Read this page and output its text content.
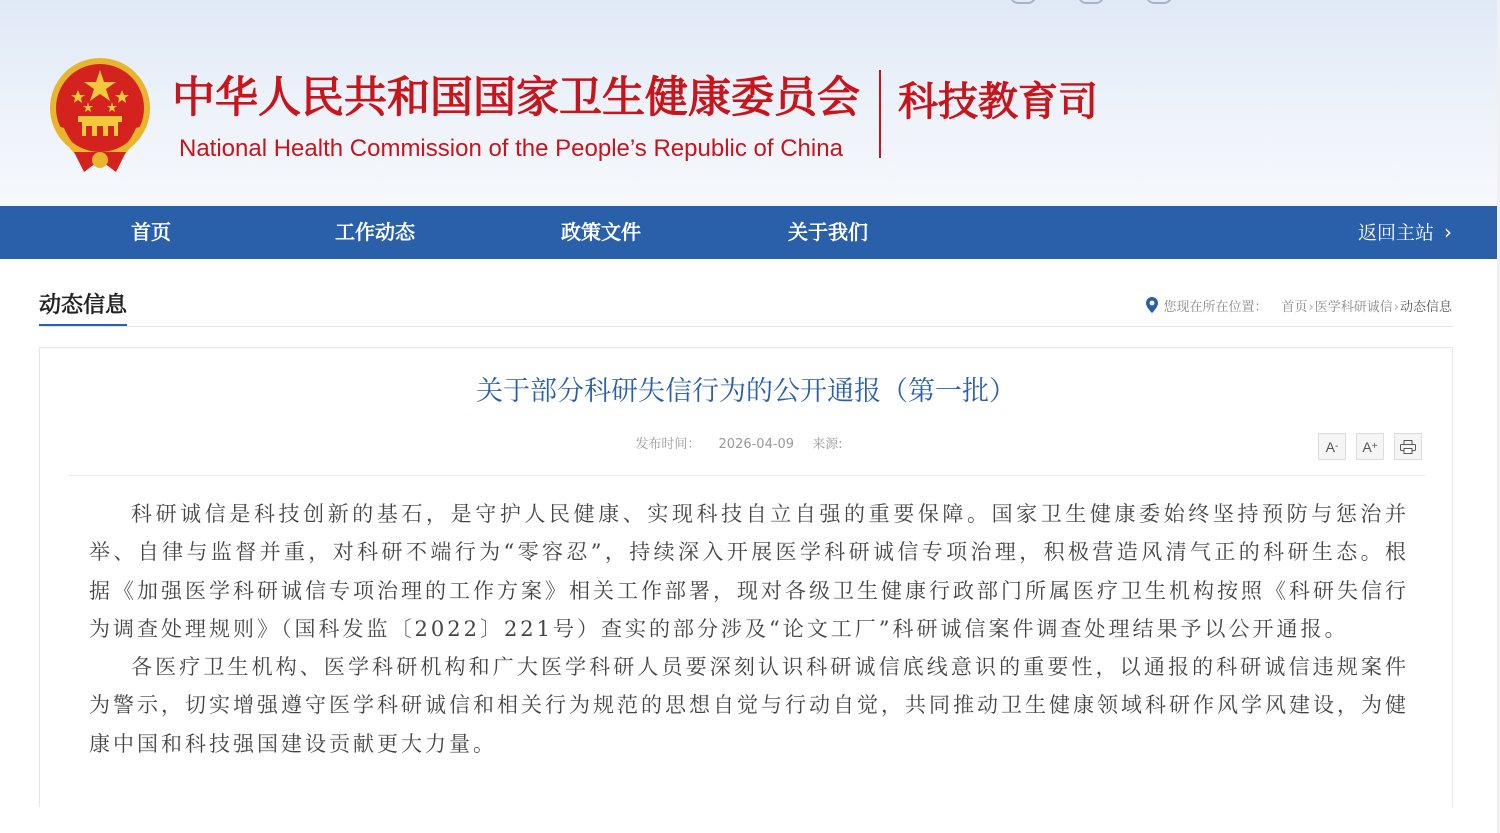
中华人民共和国国家卫生健康委员会
National Health Commission of the People’s Republic of China
科技教育司
首页	工作动态	政策文件	关于我们	返回主站 ›
动态信息	您现在所在位置： 首页 › 医学科研诚信 › 动态信息
关于部分科研失信行为的公开通报（第一批）
发布时间： 2026-04-09 来源:	A -	A +

科研诚信是科技创新的基石，是守护人民健康、实现科技自立自强的重要保障。国家卫生健康委始终坚持预防与惩治并举、自律与监督并重，对科研不端行为“零容忍”，持续深入开展医学科研诚信专项治理，积极营造风清气正的科研生态。根据《加强医学科研诚信专项治理的工作方案》相关工作部署，现对各级卫生健康行政部门所属医疗卫生机构按照《科研失信行为调查处理规则》（国科发监〔2022〕221号）查实的部分涉及“论文工厂”科研诚信案件调查处理结果予以公开通报。

各医疗卫生机构、医学科研机构和广大医学科研人员要深刻认识科研诚信底线意识的重要性，以通报的科研诚信违规案件为警示，切实增强遵守医学科研诚信和相关行为规范的思想自觉与行动自觉，共同推动卫生健康领域科研作风学风建设，为健康中国和科技强国建设贡献更大力量。
